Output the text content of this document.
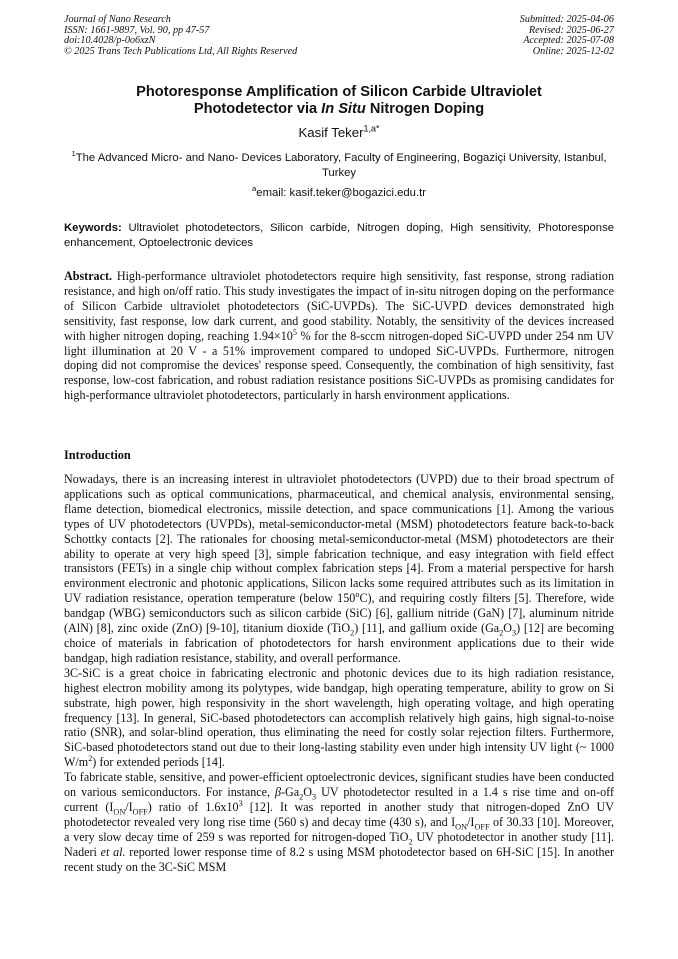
Journal of Nano Research
ISSN: 1661-9897, Vol. 90, pp 47-57
doi:10.4028/p-0o6xzN
© 2025 Trans Tech Publications Ltd, All Rights Reserved
Submitted: 2025-04-06
Revised: 2025-06-27
Accepted: 2025-07-08
Online: 2025-12-02
Photoresponse Amplification of Silicon Carbide Ultraviolet
Photodetector via In Situ Nitrogen Doping
Kasif Teker$^{1,a*}$
$^1$The Advanced Micro- and Nano- Devices Laboratory, Faculty of Engineering, Bogaziçi University, Istanbul, Turkey
$^a$email: kasif.teker@bogazici.edu.tr
Keywords: Ultraviolet photodetectors, Silicon carbide, Nitrogen doping, High sensitivity, Photoresponse enhancement, Optoelectronic devices
Abstract. High-performance ultraviolet photodetectors require high sensitivity, fast response, strong radiation resistance, and high on/off ratio. This study investigates the impact of in-situ nitrogen doping on the performance of Silicon Carbide ultraviolet photodetectors (SiC-UVPDs). The SiC-UVPD devices demonstrated high sensitivity, fast response, low dark current, and good stability. Notably, the sensitivity of the devices increased with higher nitrogen doping, reaching $1.94\times 10^5$ % for the 8-sccm nitrogen-doped SiC-UVPD under 254 nm UV light illumination at 20 V - a 51% improvement compared to undoped SiC-UVPDs. Furthermore, nitrogen doping did not compromise the devices' response speed. Consequently, the combination of high sensitivity, fast response, low-cost fabrication, and robust radiation resistance positions SiC-UVPDs as promising candidates for high-performance ultraviolet photodetectors, particularly in harsh environment applications.
Introduction

Nowadays, there is an increasing interest in ultraviolet photodetectors (UVPD) due to their broad spectrum of applications such as optical communications, pharmaceutical, and chemical analysis, environmental sensing, flame detection, biomedical electronics, missile detection, and space communications [1]. Among the various types of UV photodetectors (UVPDs), metal-semiconductor-metal (MSM) photodetectors feature back-to-back Schottky contacts [2]. The rationales for choosing metal-semiconductor-metal (MSM) photodetectors are their ability to operate at very high speed [3], simple fabrication technique, and easy integration with field effect transistors (FETs) in a single chip without complex fabrication steps [4]. From a material perspective for harsh environment electronic and photonic applications, Silicon lacks some required attributes such as its limitation in UV radiation resistance, operation temperature (below 150$^o$C), and requiring costly filters [5]. Therefore, wide bandgap (WBG) semiconductors such as silicon carbide (SiC) [6], gallium nitride (GaN) [7], aluminum nitride (AlN) [8], zinc oxide (ZnO) [9-10], titanium dioxide (TiO$_2$) [11], and gallium oxide $(Ga_2O_3)$ [12] are becoming choice of materials in fabrication of photodetectors for harsh environment applications due to their wide bandgap, high radiation resistance, stability, and overall performance.

3C-SiC is a great choice in fabricating electronic and photonic devices due to its high radiation resistance, highest electron mobility among its polytypes, wide bandgap, high operating temperature, ability to grow on Si substrate, high power, high responsivity in the short wavelength, high operating voltage, and high operating frequency [13]. In general, SiC-based photodetectors can accomplish relatively high gains, high signal-to-noise ratio (SNR), and solar-blind operation, thus eliminating the need for costly solar rejection filters. Furthermore, SiC-based photodetectors stand out due to their long-lasting stability even under high intensity UV light (~ 1000 $W/m^2$) for extended periods [14].

To fabricate stable, sensitive, and power-efficient optoelectronic devices, significant studies have been conducted on various semiconductors. For instance, $\beta-Ga_2O_3$ UV photodetector resulted in a 1.4 s rise time and on-off current $(I_{ON}/I_{OFF})$ ratio of $1.6x10^3$ [12]. It was reported in another study that nitrogen-doped ZnO UV photodetector revealed very long rise time (560 s) and decay time (430 s), and $I_{ON}/I_{OFF}$ of 30.33 [10]. Moreover, a very slow decay time of 259 s was reported for nitrogen-doped TiO$_2$ UV photodetector in another study [11]. Naderi et al. reported lower response time of 8.2 s using MSM photodetector based on 6H-SiC [15]. In another recent study on the 3C-SiC MSM
